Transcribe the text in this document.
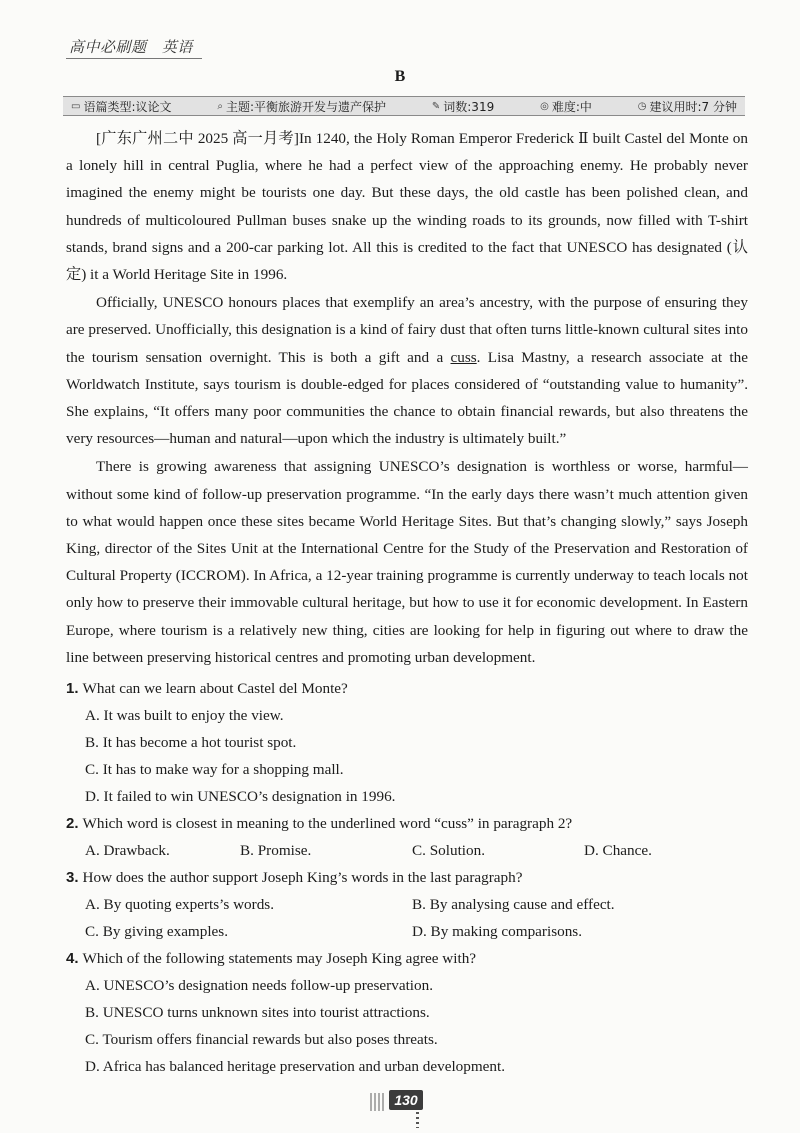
高中必刷题 英语
B
▭ 语篇类型:议论文	⌕ 主题:平衡旅游开发与遗产保护	✎ 词数:319	◎ 难度:中	◷ 建议用时:7 分钟

[广东广州二中 2025 高一月考]In 1240, the Holy Roman Emperor Frederick Ⅱ built Castel del Monte on a lonely hill in central Puglia, where he had a perfect view of the approaching enemy. He probably never imagined the enemy might be tourists one day. But these days, the old castle has been polished clean, and hundreds of multicoloured Pullman buses snake up the winding roads to its grounds, now filled with T-shirt stands, brand signs and a 200-car parking lot. All this is credited to the fact that UNESCO has designated (认定) it a World Heritage Site in 1996.

Officially, UNESCO honours places that exemplify an area’s ancestry, with the purpose of ensuring they are preserved. Unofficially, this designation is a kind of fairy dust that often turns little-known cultural sites into the tourism sensation overnight. This is both a gift and a cuss. Lisa Mastny, a research associate at the Worldwatch Institute, says tourism is double-edged for places considered of “outstanding value to humanity”. She explains, “It offers many poor communities the chance to obtain financial rewards, but also threatens the very resources—human and natural—upon which the industry is ultimately built.”

There is growing awareness that assigning UNESCO’s designation is worthless or worse, harmful—without some kind of follow-up preservation programme. “In the early days there wasn’t much attention given to what would happen once these sites became World Heritage Sites. But that’s changing slowly,” says Joseph King, director of the Sites Unit at the International Centre for the Study of the Preservation and Restoration of Cultural Property (ICCROM). In Africa, a 12-year training programme is currently underway to teach locals not only how to preserve their immovable cultural heritage, but how to use it for economic development. In Eastern Europe, where tourism is a relatively new thing, cities are looking for help in figuring out where to draw the line between preserving historical centres and promoting urban development.

1. What can we learn about Castel del Monte?
A. It was built to enjoy the view.
B. It has become a hot tourist spot.
C. It has to make way for a shopping mall.
D. It failed to win UNESCO’s designation in 1996.
2. Which word is closest in meaning to the underlined word “cuss” in paragraph 2?
A. Drawback.	B. Promise.	C. Solution.	D. Chance.
3. How does the author support Joseph King’s words in the last paragraph?
A. By quoting experts’s words.	B. By analysing cause and effect.
C. By giving examples.	D. By making comparisons.
4. Which of the following statements may Joseph King agree with?
A. UNESCO’s designation needs follow-up preservation.
B. UNESCO turns unknown sites into tourist attractions.
C. Tourism offers financial rewards but also poses threats.
D. Africa has balanced heritage preservation and urban development.
130
